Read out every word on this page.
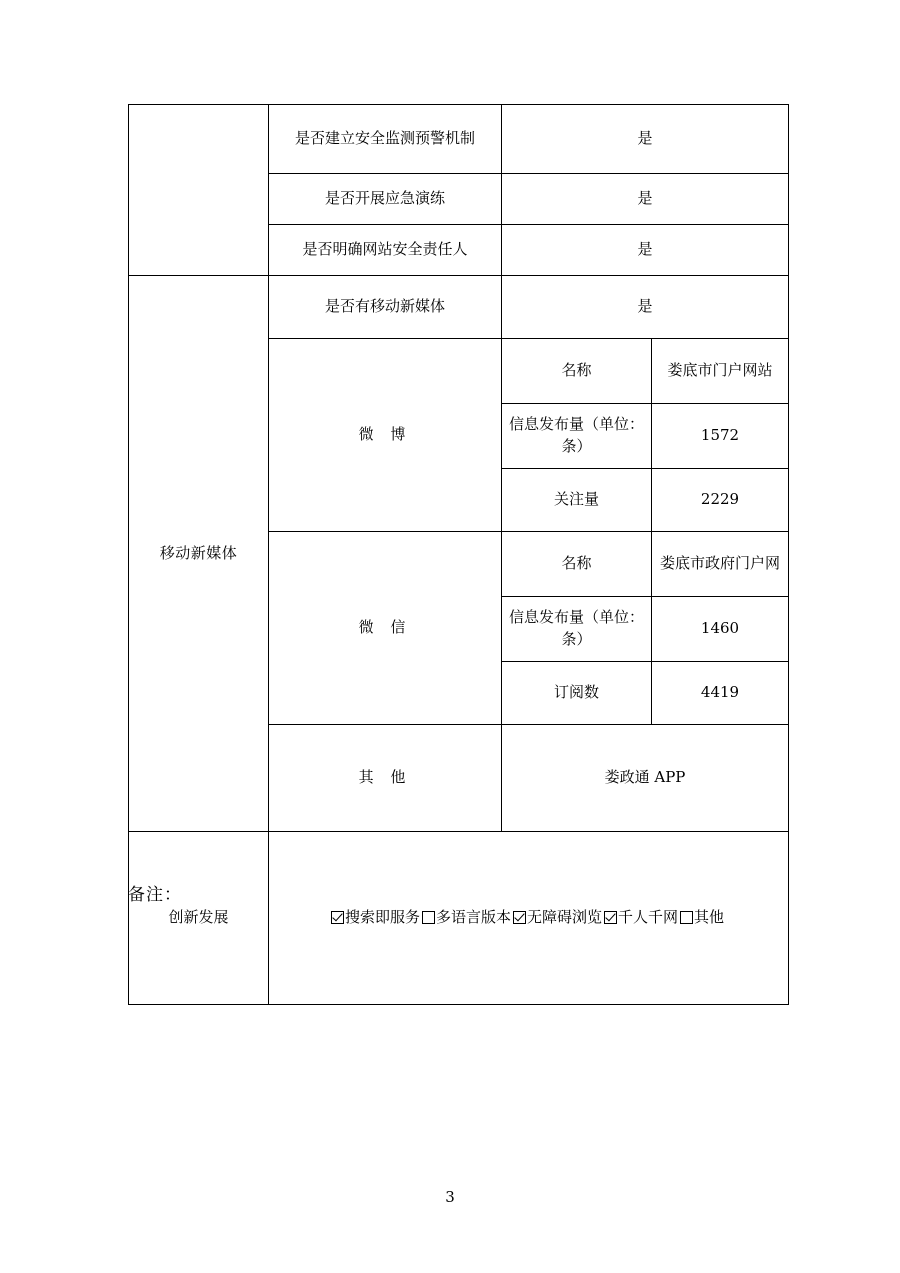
	是否建立安全监测预警机制	是	
	是否开展应急演练	是	
	是否明确网站安全责任人	是	
移动新媒体	是否有移动新媒体	是	
	微 博	名称	娄底市门户网站
		信息发布量（单位：条）	1572
		关注量	2229
	微 信	名称	娄底市政府门户网
		信息发布量（单位：条）	1460
		订阅数	4419
	其 他	娄政通 APP	
创新发展	搜索即服务 多语言版本 无障碍浏览 千人千网 其他		
备注：
3
